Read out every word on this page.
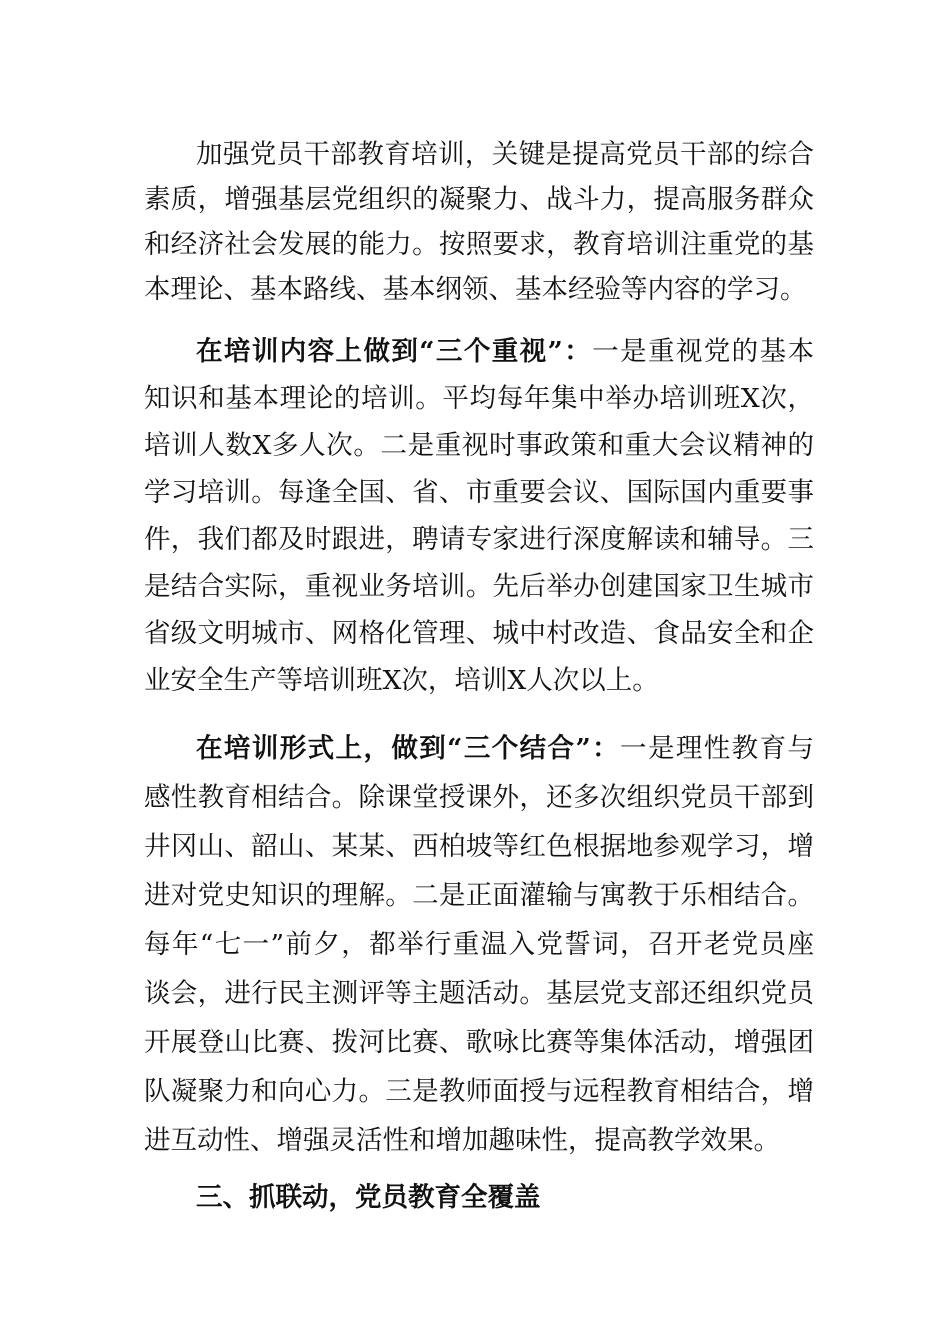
加强党员干部教育培训，关键是提高党员干部的综合
素质，增强基层党组织的凝聚力、战斗力，提高服务群众
和经济社会发展的能力。按照要求，教育培训注重党的基
本理论、基本路线、基本纲领、基本经验等内容的学习。
在培训内容上做到“三个重视”：一是重视党的基本
知识和基本理论的培训。平均每年集中举办培训班X次，
培训人数X多人次。二是重视时事政策和重大会议精神的
学习培训。每逢全国、省、市重要会议、国际国内重要事
件，我们都及时跟进，聘请专家进行深度解读和辅导。三
是结合实际，重视业务培训。先后举办创建国家卫生城市
省级文明城市、网格化管理、城中村改造、食品安全和企
业安全生产等培训班X次，培训X人次以上。
在培训形式上，做到“三个结合”：一是理性教育与
感性教育相结合。除课堂授课外，还多次组织党员干部到
井冈山、韶山、某某、西柏坡等红色根据地参观学习，增
进对党史知识的理解。二是正面灌输与寓教于乐相结合。
每年“七一”前夕，都举行重温入党誓词，召开老党员座
谈会，进行民主测评等主题活动。基层党支部还组织党员
开展登山比赛、拨河比赛、歌咏比赛等集体活动，增强团
队凝聚力和向心力。三是教师面授与远程教育相结合，增
进互动性、增强灵活性和增加趣味性，提高教学效果。
三、抓联动，党员教育全覆盖
